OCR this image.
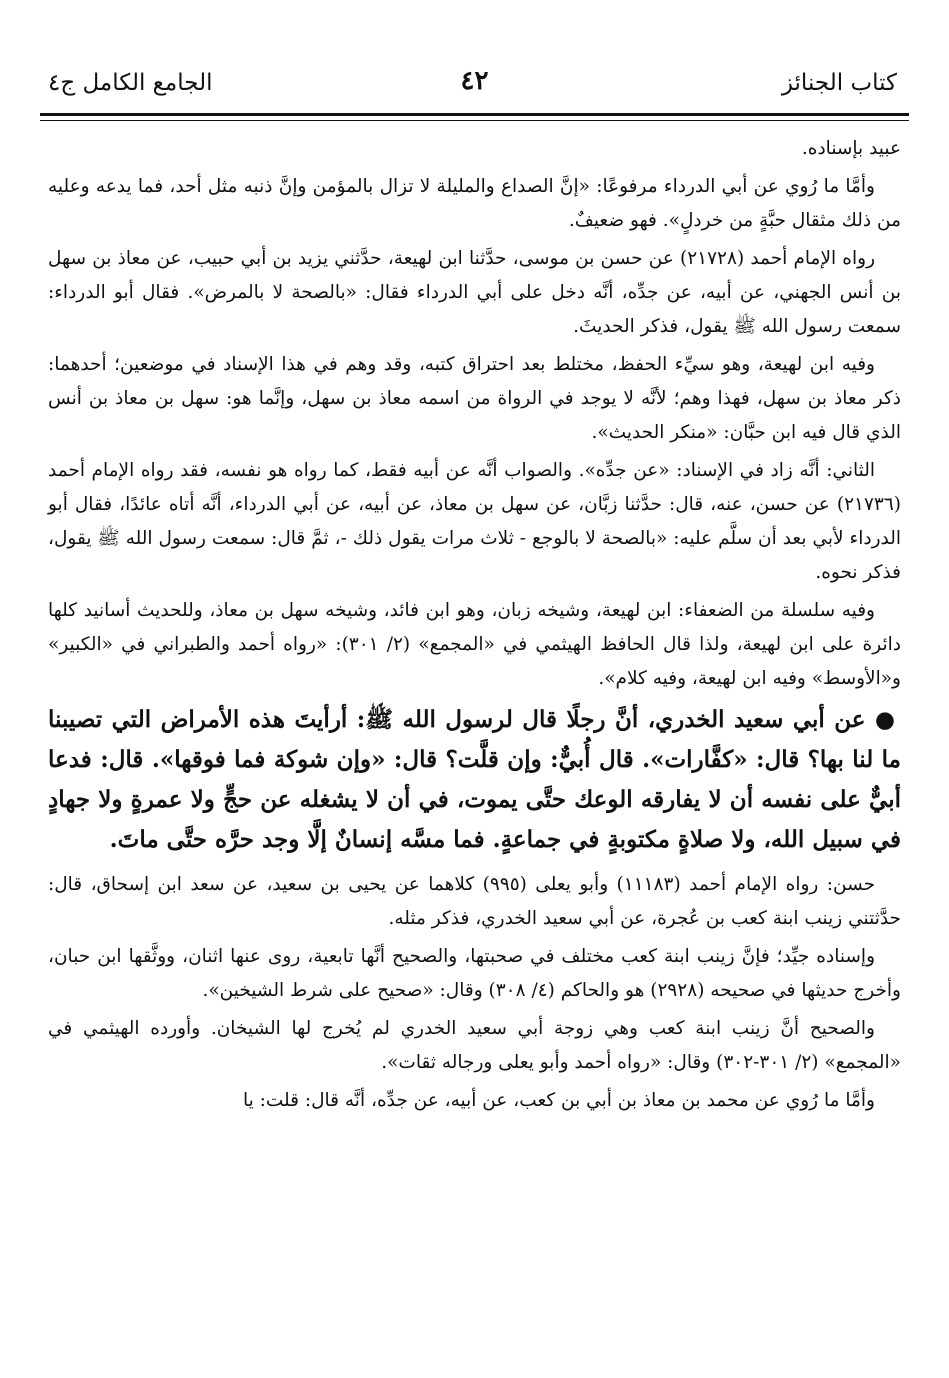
كتاب الجنائز
٤٢
الجامع الكامل ج٤

عبيد بإسناده.

وأمَّا ما رُوي عن أبي الدرداء مرفوعًا: «إنَّ الصداع والمليلة لا تزال بالمؤمن وإنَّ ذنبه مثل أحد، فما يدعه وعليه من ذلك مثقال حبَّةٍ من خردلٍ». فهو ضعيفٌ.

رواه الإمام أحمد (٢١٧٢٨) عن حسن بن موسى، حدَّثنا ابن لهيعة، حدَّثني يزيد بن أبي حبيب، عن معاذ بن سهل بن أنس الجهني، عن أبيه، عن جدِّه، أنَّه دخل على أبي الدرداء فقال: «بالصحة لا بالمرض». فقال أبو الدرداء: سمعت رسول الله ﷺ يقول، فذكر الحديثَ.

وفيه ابن لهيعة، وهو سيِّء الحفظ، مختلط بعد احتراق كتبه، وقد وهم في هذا الإسناد في موضعين؛ أحدهما: ذكر معاذ بن سهل، فهذا وهم؛ لأنَّه لا يوجد في الرواة من اسمه معاذ بن سهل، وإنَّما هو: سهل بن معاذ بن أنس الذي قال فيه ابن حبَّان: «منكر الحديث».

الثاني: أنَّه زاد في الإسناد: «عن جدِّه». والصواب أنَّه عن أبيه فقط، كما رواه هو نفسه، فقد رواه الإمام أحمد (٢١٧٣٦) عن حسن، عنه، قال: حدَّثنا زبَّان، عن سهل بن معاذ، عن أبيه، عن أبي الدرداء، أنَّه أتاه عائدًا، فقال أبو الدرداء لأبي بعد أن سلَّم عليه: «بالصحة لا بالوجع - ثلاث مرات يقول ذلك -، ثمَّ قال: سمعت رسول الله ﷺ يقول، فذكر نحوه.

وفيه سلسلة من الضعفاء: ابن لهيعة، وشيخه زبان، وهو ابن فائد، وشيخه سهل بن معاذ، وللحديث أسانيد كلها دائرة على ابن لهيعة، ولذا قال الحافظ الهيثمي في «المجمع» (٢/ ٣٠١): «رواه أحمد والطبراني في «الكبير» و«الأوسط» وفيه ابن لهيعة، وفيه كلام».

● عن أبي سعيد الخدري، أنَّ رجلًا قال لرسول الله ﷺ: أرأيتَ هذه الأمراض التي تصيبنا ما لنا بها؟ قال: «كفَّارات». قال أُبيٌّ: وإن قلَّت؟ قال: «وإن شوكة فما فوقها». قال: فدعا أبيٌّ على نفسه أن لا يفارقه الوعك حتَّى يموت، في أن لا يشغله عن حجٍّ ولا عمرةٍ ولا جهادٍ في سبيل الله، ولا صلاةٍ مكتوبةٍ في جماعةٍ. فما مسَّه إنسانٌ إلَّا وجد حرَّه حتَّى ماتَ.

حسن: رواه الإمام أحمد (١١١٨٣) وأبو يعلى (٩٩٥) كلاهما عن يحيى بن سعيد، عن سعد ابن إسحاق، قال: حدَّثتني زينب ابنة كعب بن عُجرة، عن أبي سعيد الخدري، فذكر مثله.

وإسناده جيِّد؛ فإنَّ زينب ابنة كعب مختلف في صحبتها، والصحيح أنَّها تابعية، روى عنها اثنان، ووثَّقها ابن حبان، وأخرج حديثها في صحيحه (٢٩٢٨) هو والحاكم (٤/ ٣٠٨) وقال: «صحيح على شرط الشيخين».

والصحيح أنَّ زينب ابنة كعب وهي زوجة أبي سعيد الخدري لم يُخرج لها الشيخان. وأورده الهيثمي في «المجمع» (٢/ ٣٠١-٣٠٢) وقال: «رواه أحمد وأبو يعلى ورجاله ثقات».

وأمَّا ما رُوي عن محمد بن معاذ بن أبي بن كعب، عن أبيه، عن جدِّه، أنَّه قال: قلت: يا
